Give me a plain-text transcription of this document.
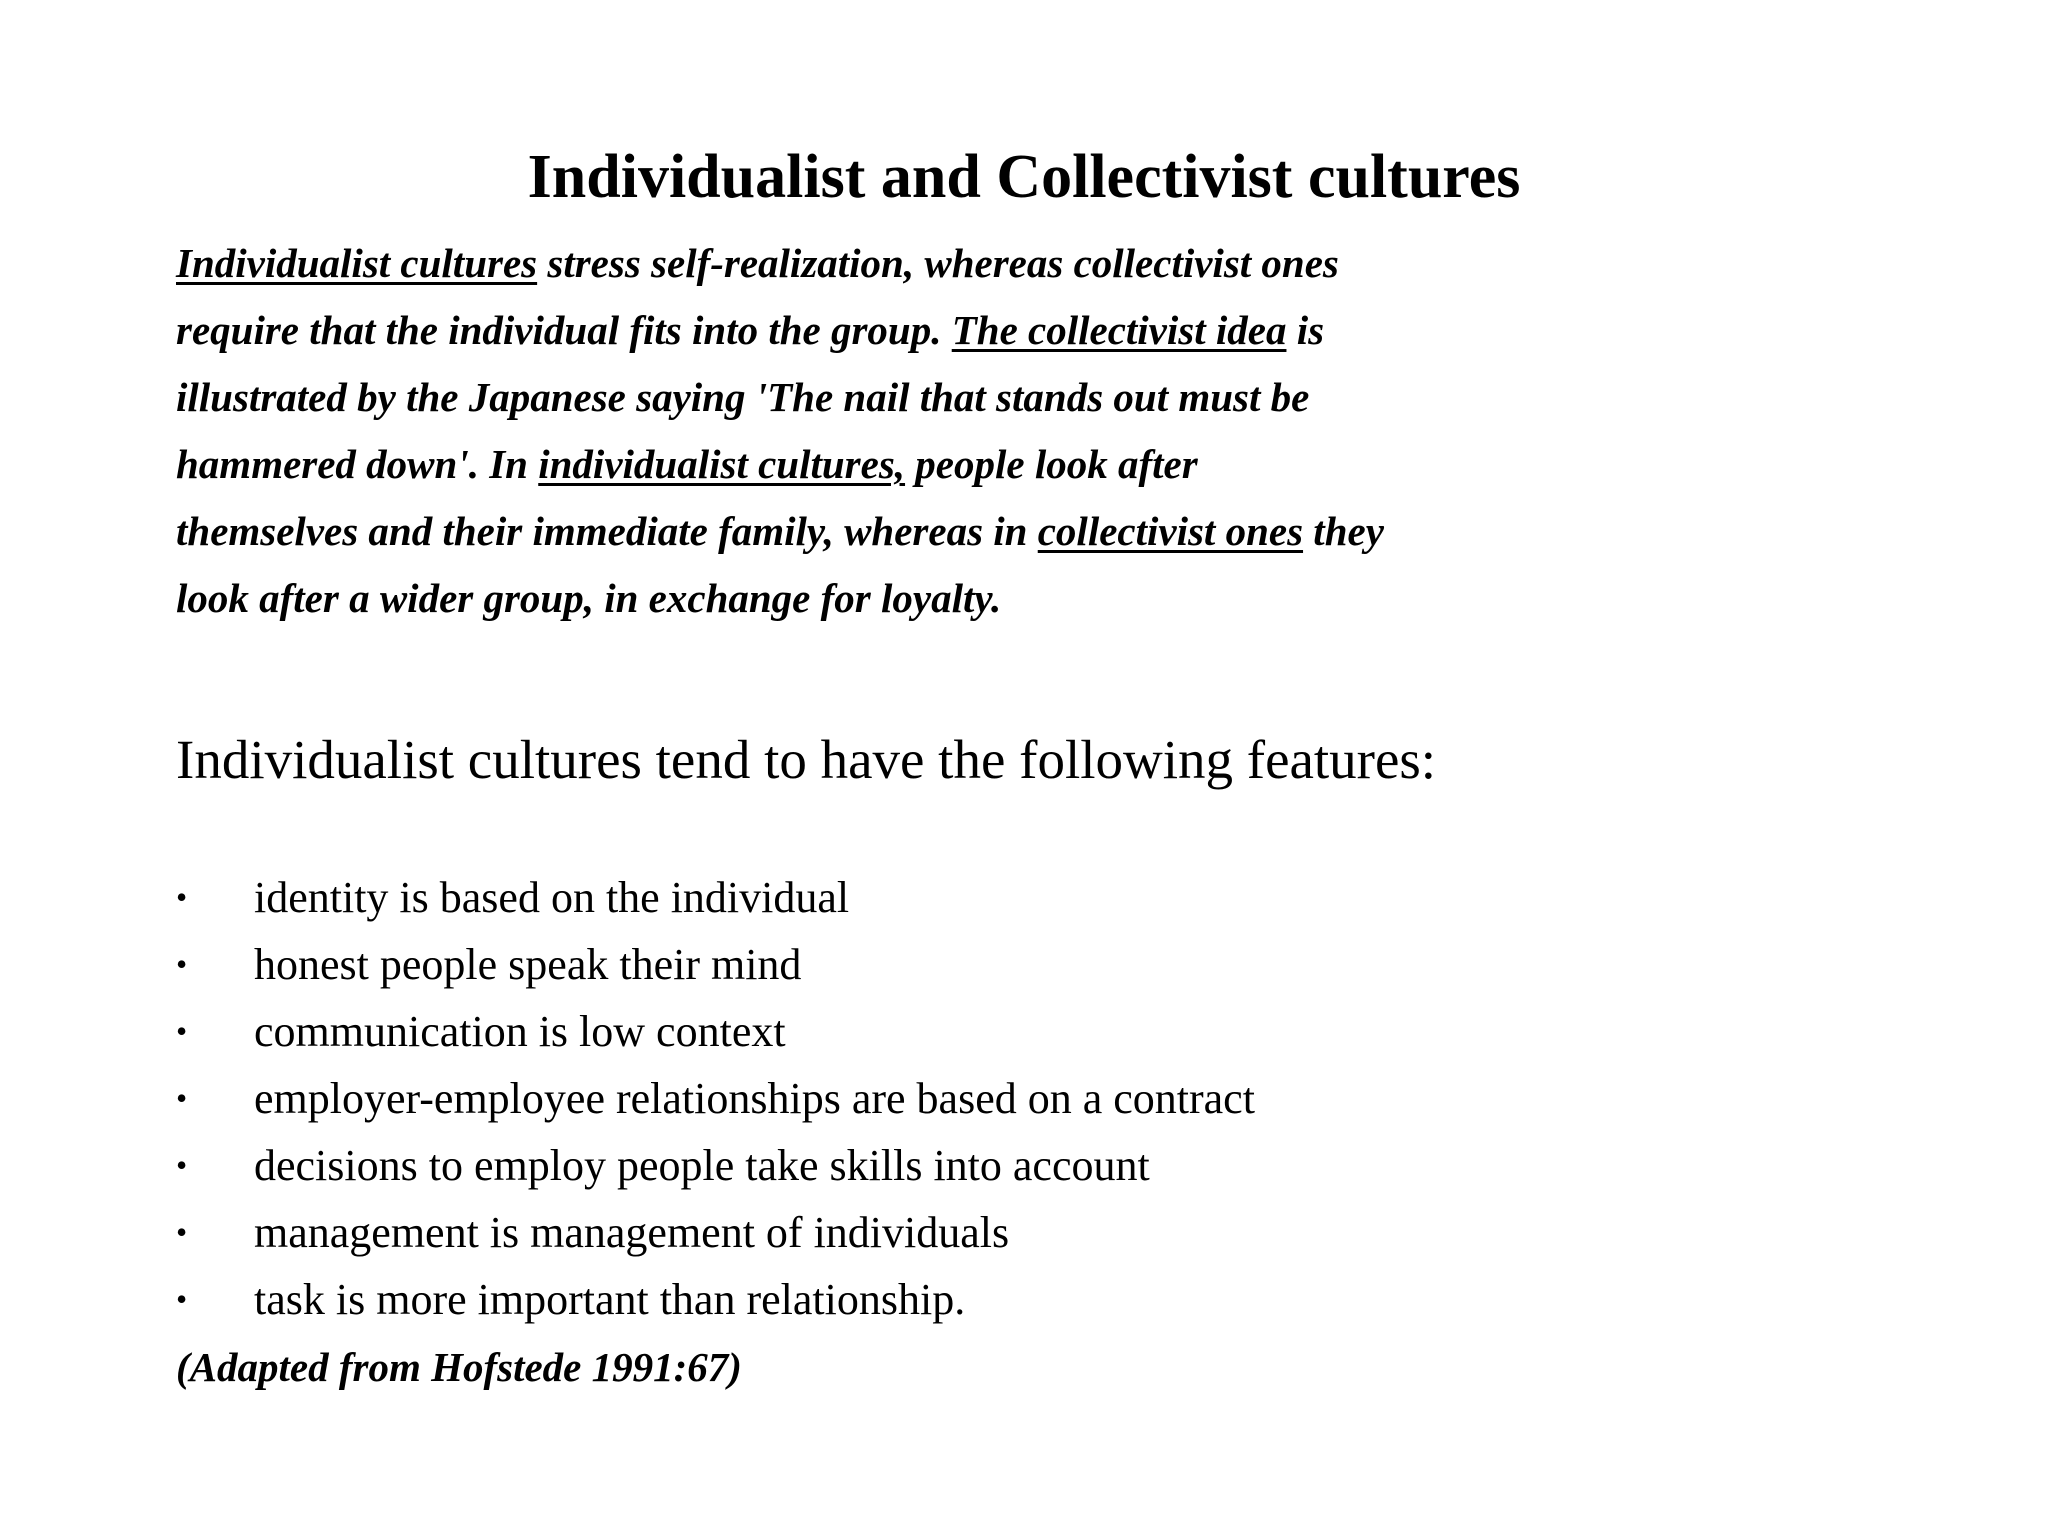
Individualist and Collectivist cultures

Individualist cultures stress self-realization, whereas collectivist ones
require that the individual fits into the group. The collectivist idea is
illustrated by the Japanese saying 'The nail that stands out must be
hammered down'. In individualist cultures, people look after
themselves and their immediate family, whereas in collectivist ones they
look after a wider group, in exchange for loyalty.

Individualist cultures tend to have the following features:

• identity is based on the individual
• honest people speak their mind
• communication is low context
• employer-employee relationships are based on a contract
• decisions to employ people take skills into account
• management is management of individuals
• task is more important than relationship.

(Adapted from Hofstede 1991:67)
